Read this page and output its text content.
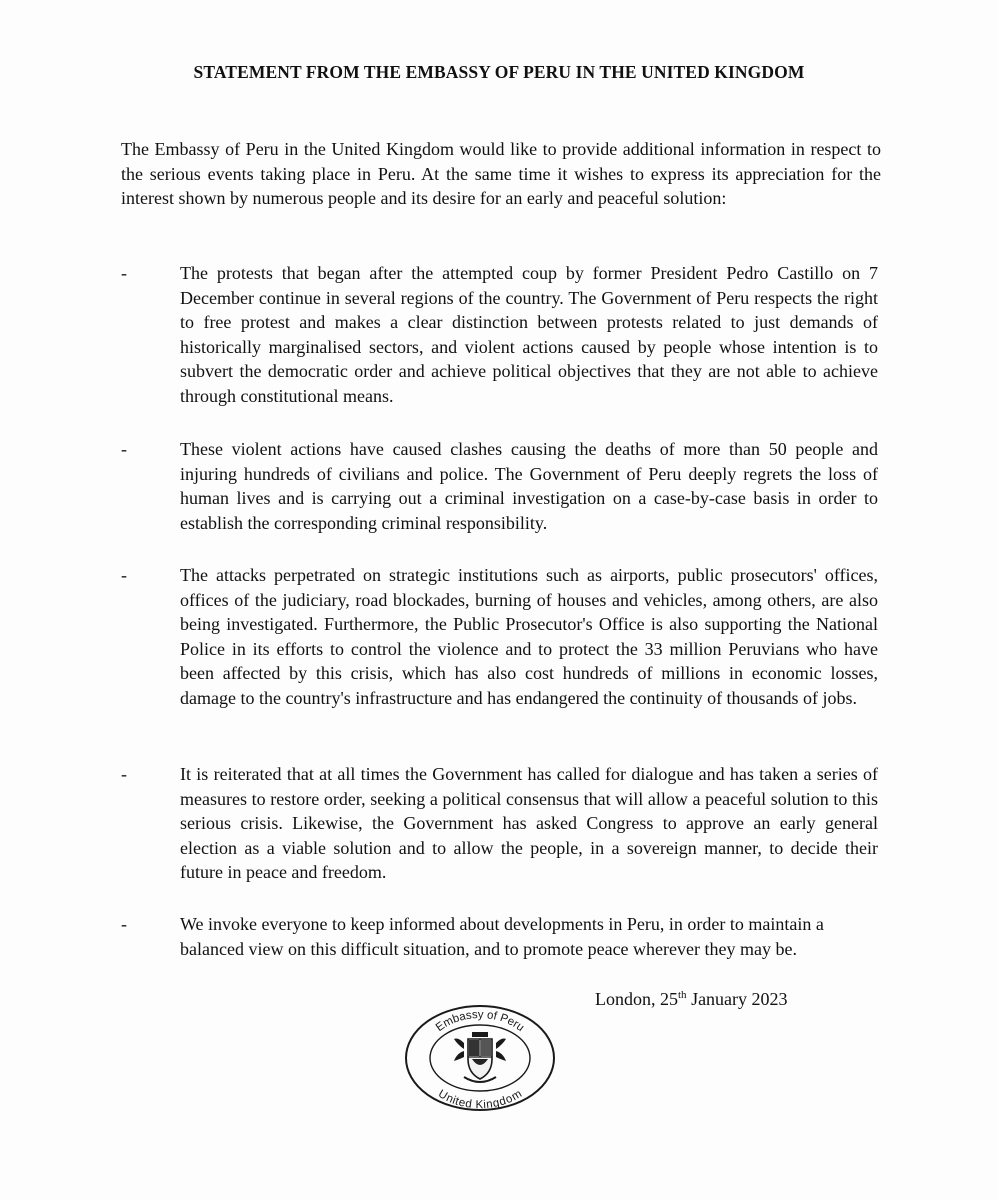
STATEMENT FROM THE EMBASSY OF PERU IN THE UNITED KINGDOM

The Embassy of Peru in the United Kingdom would like to provide additional information in respect to the serious events taking place in Peru. At the same time it wishes to express its appreciation for the interest shown by numerous people and its desire for an early and peaceful solution:

-	The protests that began after the attempted coup by former President Pedro Castillo on 7 December continue in several regions of the country. The Government of Peru respects the right to free protest and makes a clear distinction between protests related to just demands of historically marginalised sectors, and violent actions caused by people whose intention is to subvert the democratic order and achieve political objectives that they are not able to achieve through constitutional means.

-	These violent actions have caused clashes causing the deaths of more than 50 people and injuring hundreds of civilians and police. The Government of Peru deeply regrets the loss of human lives and is carrying out a criminal investigation on a case-by-case basis in order to establish the corresponding criminal responsibility.

-	The attacks perpetrated on strategic institutions such as airports, public prosecutors' offices, offices of the judiciary, road blockades, burning of houses and vehicles, among others, are also being investigated. Furthermore, the Public Prosecutor's Office is also supporting the National Police in its efforts to control the violence and to protect the 33 million Peruvians who have been affected by this crisis, which has also cost hundreds of millions in economic losses, damage to the country's infrastructure and has endangered the continuity of thousands of jobs.

-	It is reiterated that at all times the Government has called for dialogue and has taken a series of measures to restore order, seeking a political consensus that will allow a peaceful solution to this serious crisis. Likewise, the Government has asked Congress to approve an early general election as a viable solution and to allow the people, in a sovereign manner, to decide their future in peace and freedom.

-	We invoke everyone to keep informed about developments in Peru, in order to maintain a balanced view on this difficult situation, and to promote peace wherever they may be.

London, 25th January 2023
Embassy of Peru
United Kingdom
